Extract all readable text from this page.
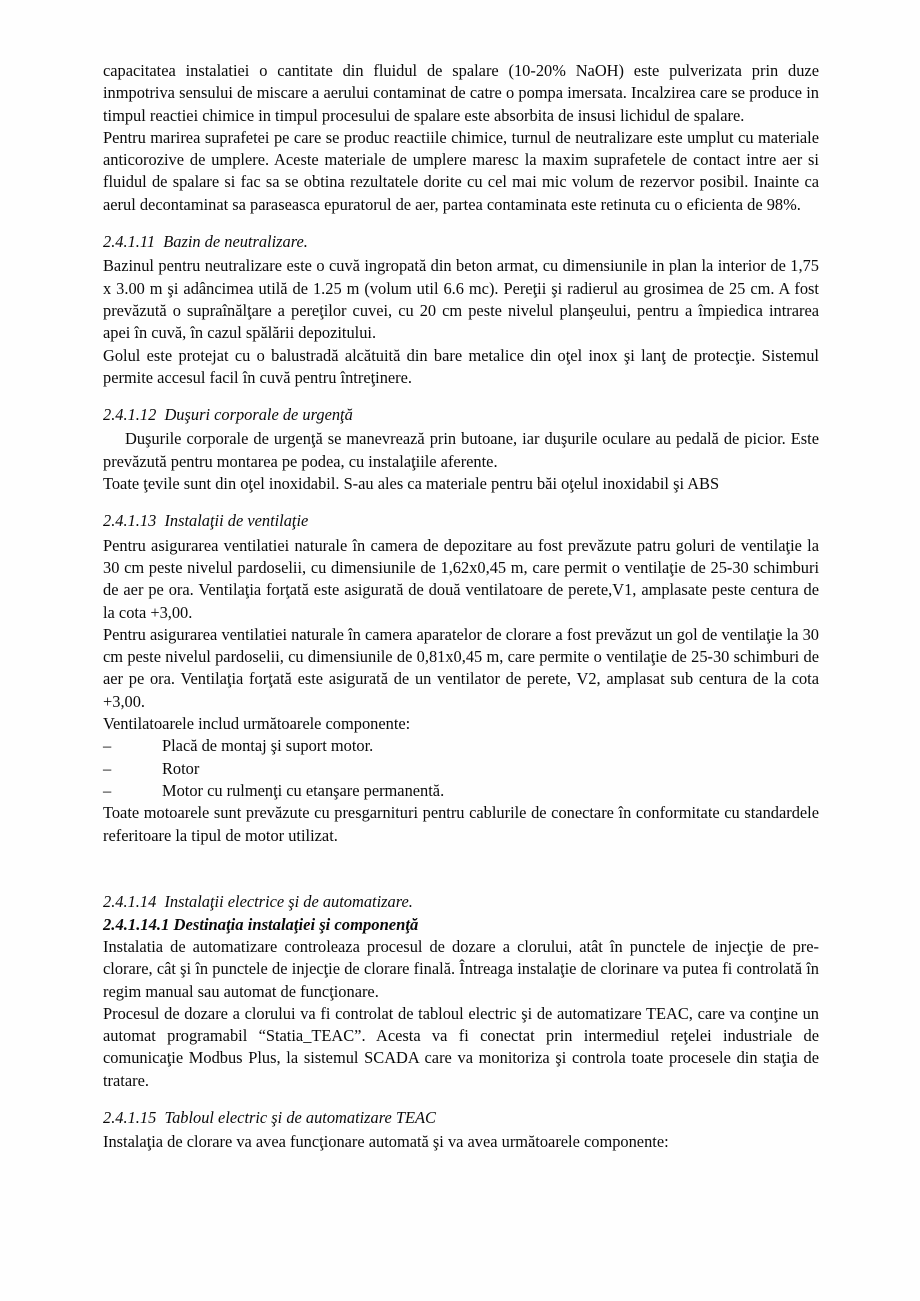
capacitatea instalatiei o cantitate din fluidul de spalare (10-20% NaOH) este pulverizata prin duze inmpotriva sensului de miscare a aerului contaminat de catre o pompa imersata. Incalzirea care se produce in timpul reactiei chimice in timpul procesului de spalare este absorbita de insusi lichidul de spalare.

Pentru marirea suprafetei pe care se produc reactiile chimice, turnul de neutralizare este umplut cu materiale anticorozive de umplere. Aceste materiale de umplere maresc la maxim suprafetele de contact intre aer si fluidul de spalare si fac sa se obtina rezultatele dorite cu cel mai mic volum de rezervor posibil. Inainte ca aerul decontaminat sa paraseasca epuratorul de aer, partea contaminata este retinuta cu o eficienta de 98%.

2.4.1.11  Bazin de neutralizare.

Bazinul pentru neutralizare este o cuvă ingropată din beton armat, cu dimensiunile in plan la interior de 1,75 x 3.00 m şi adâncimea utilă de 1.25 m (volum util 6.6 mc). Pereţii şi radierul au grosimea de 25 cm. A fost prevăzută o supraînălţare a pereţilor cuvei, cu 20 cm peste nivelul planşeului, pentru a împiedica intrarea apei în cuvă, în cazul spălării depozitului.

Golul este protejat cu o balustradă alcătuită din bare metalice din oţel inox şi lanţ de protecţie. Sistemul permite accesul facil în cuvă pentru întreţinere.

2.4.1.12  Duşuri corporale de urgenţă

Duşurile corporale de urgenţă se manevrează prin butoane, iar duşurile oculare au pedală de picior. Este prevăzută pentru montarea pe podea, cu instalaţiile aferente.

Toate ţevile sunt din oţel inoxidabil. S-au ales ca materiale pentru băi oţelul inoxidabil şi ABS

2.4.1.13  Instalaţii de ventilaţie

Pentru asigurarea ventilatiei naturale în camera de depozitare au fost prevăzute patru goluri de ventilaţie la 30 cm peste nivelul pardoselii, cu dimensiunile de 1,62x0,45 m, care permit o ventilaţie de 25-30 schimburi de aer pe ora. Ventilaţia forţată este asigurată de două ventilatoare de perete,V1, amplasate peste centura de la cota +3,00.

Pentru asigurarea ventilatiei naturale în camera aparatelor de clorare a fost prevăzut un gol de ventilaţie la 30 cm peste nivelul pardoselii, cu dimensiunile de 0,81x0,45 m, care permite o ventilaţie de 25-30 schimburi de aer pe ora. Ventilaţia forţată este asigurată de un ventilator de perete, V2, amplasat sub centura de la cota +3,00.

Ventilatoarele includ următoarele componente:

–	Placă de montaj şi suport motor.
–	Rotor
–	Motor cu rulmenţi cu etanşare permanentă.

Toate motoarele sunt prevăzute cu presgarnituri pentru cablurile de conectare în conformitate cu standardele referitoare la tipul de motor utilizat.

2.4.1.14  Instalaţii electrice şi de automatizare.

2.4.1.14.1 Destinaţia instalaţiei şi componenţă

Instalatia de automatizare controleaza procesul de dozare a clorului, atât în punctele de injecţie de pre-clorare, cât şi în punctele de injecţie de clorare finală. Întreaga instalaţie de clorinare va putea fi controlată în regim manual sau automat de funcţionare.

Procesul de dozare a clorului va fi controlat de tabloul electric şi de automatizare TEAC, care va conţine un automat programabil “Statia_TEAC”. Acesta va fi conectat prin intermediul reţelei industriale de comunicaţie Modbus Plus, la sistemul SCADA care va monitoriza şi controla toate procesele din staţia de tratare.

2.4.1.15  Tabloul electric şi de automatizare TEAC

Instalaţia de clorare va avea funcţionare automată şi va avea următoarele componente:
